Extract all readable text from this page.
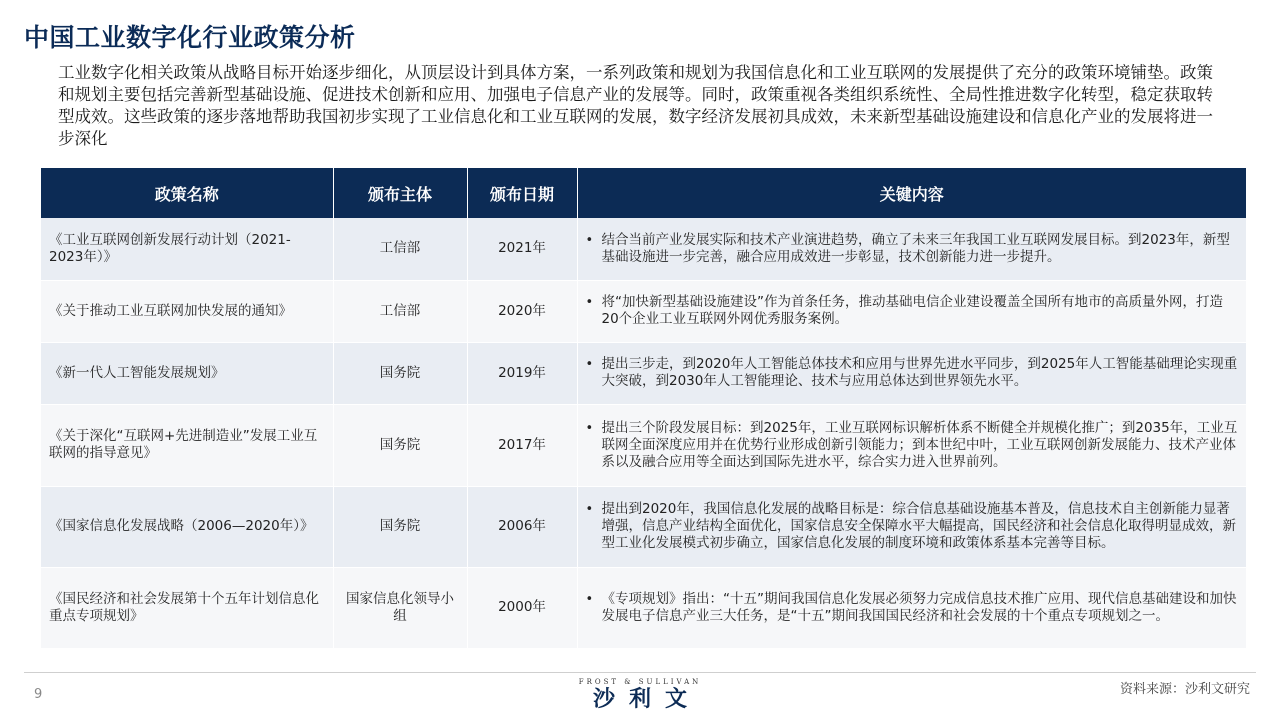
中国工业数字化行业政策分析
工业数字化相关政策从战略目标开始逐步细化，从顶层设计到具体方案，一系列政策和规划为我国信息化和工业互联网的发展提供了充分的政策环境铺垫。政策和规划主要包括完善新型基础设施、促进技术创新和应用、加强电子信息产业的发展等。同时，政策重视各类组织系统性、全局性推进数字化转型，稳定获取转型成效。这些政策的逐步落地帮助我国初步实现了工业信息化和工业互联网的发展，数字经济发展初具成效，未来新型基础设施建设和信息化产业的发展将进一步深化
政策名称	颁布主体	颁布日期	关键内容
《工业互联网创新发展行动计划（2021-2023年）》	工信部	2021年	• 结合当前产业发展实际和技术产业演进趋势，确立了未来三年我国工业互联网发展目标。到2023年，新型基础设施进一步完善，融合应用成效进一步彰显，技术创新能力进一步提升。

《关于推动工业互联网加快发展的通知》	工信部	2020年	• 将“加快新型基础设施建设”作为首条任务，推动基础电信企业建设覆盖全国所有地市的高质量外网，打造20个企业工业互联网外网优秀服务案例。

《新一代人工智能发展规划》	国务院	2019年	• 提出三步走，到2020年人工智能总体技术和应用与世界先进水平同步，到2025年人工智能基础理论实现重大突破，到2030年人工智能理论、技术与应用总体达到世界领先水平。

《关于深化“互联网+先进制造业”发展工业互联网的指导意见》	国务院	2017年	• 提出三个阶段发展目标：到2025年，工业互联网标识解析体系不断健全并规模化推广；到2035年，工业互联网全面深度应用并在优势行业形成创新引领能力；到本世纪中叶，工业互联网创新发展能力、技术产业体系以及融合应用等全面达到国际先进水平，综合实力进入世界前列。

《国家信息化发展战略（2006—2020年）》	国务院	2006年	• 提出到2020年，我国信息化发展的战略目标是：综合信息基础设施基本普及，信息技术自主创新能力显著增强，信息产业结构全面优化，国家信息安全保障水平大幅提高，国民经济和社会信息化取得明显成效，新型工业化发展模式初步确立，国家信息化发展的制度环境和政策体系基本完善等目标。

《国民经济和社会发展第十个五年计划信息化重点专项规划》	国家信息化领导小组	2000年	• 《专项规划》指出：“十五”期间我国信息化发展必须努力完成信息技术推广应用、现代信息基础建设和加快发展电子信息产业三大任务，是“十五”期间我国国民经济和社会发展的十个重点专项规划之一。
9
FROST & SULLIVAN
沙利文	资料来源：沙利文研究
